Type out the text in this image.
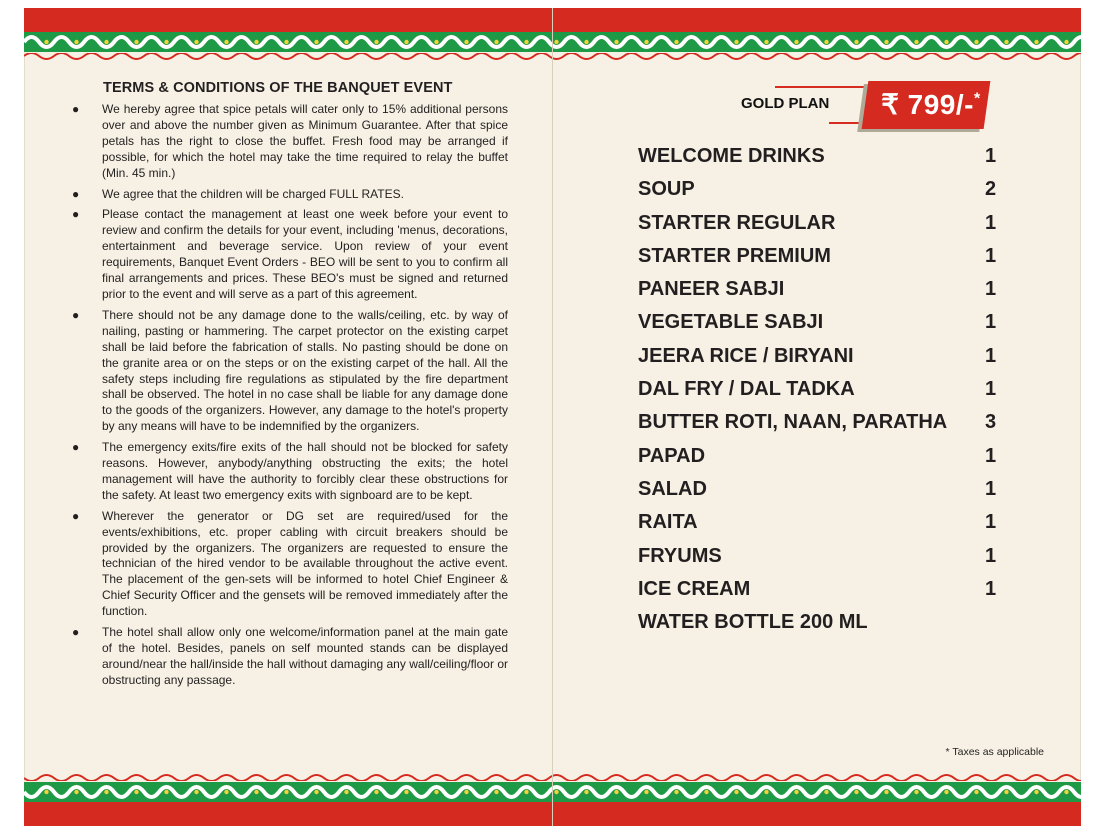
TERMS & CONDITIONS OF THE BANQUET EVENT
● We hereby agree that spice petals will cater only to 15% additional persons over and above the number given as Minimum Guarantee. After that spice petals has the right to close the buffet. Fresh food may be arranged if possible, for which the hotel may take the time required to relay the buffet (Min. 45 min.)
● We agree that the children will be charged FULL RATES.
● Please contact the management at least one week before your event to review and confirm the details for your event, including 'menus, decorations, entertainment and beverage service. Upon review of your event requirements, Banquet Event Orders - BEO will be sent to you to confirm all final arrangements and prices. These BEO's must be signed and returned prior to the event and will serve as a part of this agreement.
● There should not be any damage done to the walls/ceiling, etc. by way of nailing, pasting or hammering. The carpet protector on the existing carpet shall be laid before the fabrication of stalls. No pasting should be done on the granite area or on the steps or on the existing carpet of the hall. All the safety steps including fire regulations as stipulated by the fire department shall be observed. The hotel in no case shall be liable for any damage done to the goods of the organizers. However, any damage to the hotel's property by any means will have to be indemnified by the organizers.
● The emergency exits/fire exits of the hall should not be blocked for safety reasons. However, anybody/anything obstructing the exits; the hotel management will have the authority to forcibly clear these obstructions for the safety. At least two emergency exits with signboard are to be kept.
● Wherever the generator or DG set are required/used for the events/exhibitions, etc. proper cabling with circuit breakers should be provided by the organizers. The organizers are requested to ensure the technician of the hired vendor to be available throughout the active event. The placement of the gen-sets will be informed to hotel Chief Engineer & Chief Security Officer and the gensets will be removed immediately after the function.
● The hotel shall allow only one welcome/information panel at the main gate of the hotel. Besides, panels on self mounted stands can be displayed around/near the hall/inside the hall without damaging any wall/ceiling/floor or obstructing any passage.
GOLD PLAN ₹ 799/-*
WELCOME DRINKS	1
SOUP	2
STARTER REGULAR	1
STARTER PREMIUM	1
PANEER SABJI	1
VEGETABLE SABJI	1
JEERA RICE / BIRYANI	1
DAL FRY / DAL TADKA	1
BUTTER ROTI, NAAN, PARATHA 3
PAPAD	1
SALAD	1
RAITA	1
FRYUMS	1
ICE CREAM	1
WATER BOTTLE 200 ML
* Taxes as applicable
